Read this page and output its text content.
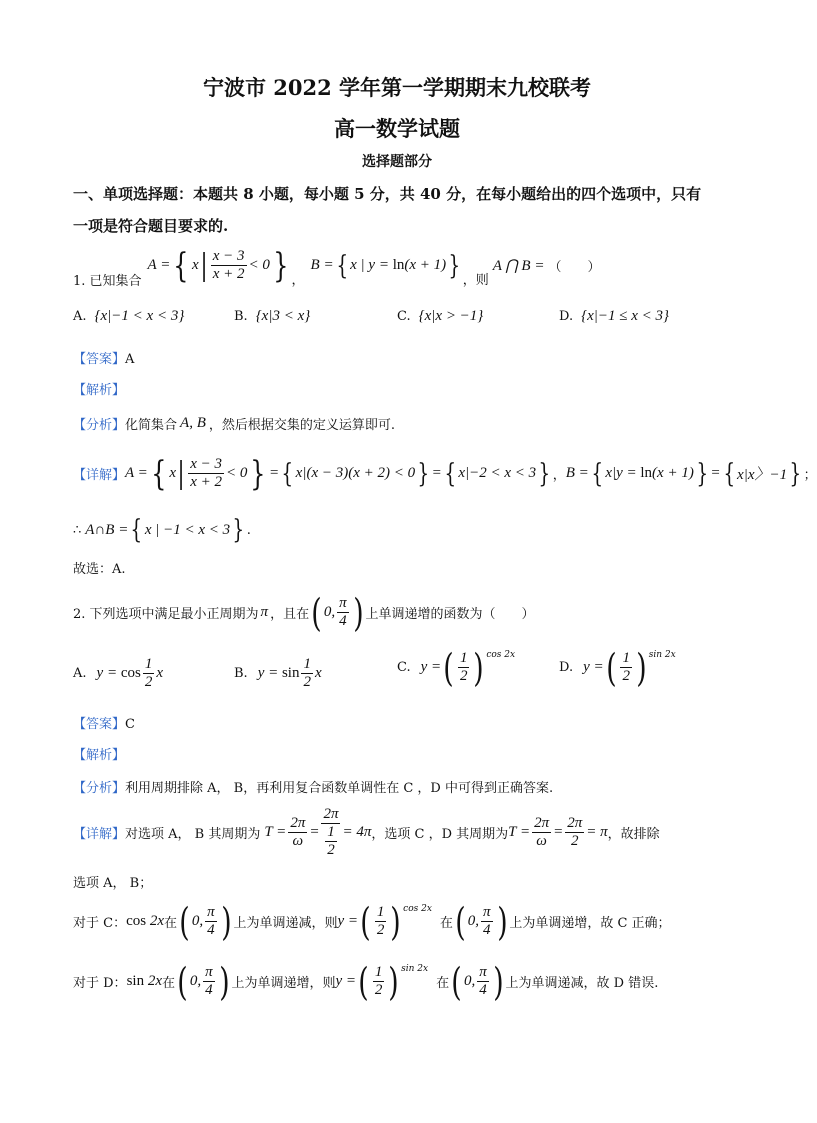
宁波市 2022 学年第一学期期末九校联考
高一数学试题
选择题部分
一、单项选择题：本题共 8 小题，每小题 5 分，共 40 分，在每小题给出的四个选项中，只有
一项是符合题目要求的.
1. 已知集合
A = { x | $\frac{x - 3}{x + 2} < 0$ } ，
B = { x | y = ln(x + 1) } ，则
A ⋂ B = （　　）
A. {x|−1 < x < 3}	B. {x|3 < x}	C. {x|x > −1}	D. {x|−1 ≤ x < 3}
【答案】A
【解析】
【分析】 化简集合 A, B ，然后根据交集的定义运算即可.
【详解】 A = { x | $\frac{x - 3}{x + 2} < 0$ } = { x|(x − 3)(x + 2) < 0 } = { x|−2 < x < 3 } ， B = { x|y = ln(x + 1) } = { x|x〉−1 } ；
∴ A∩B = { x | −1 < x < 3 } .
故选：A.
2. 下列选项中满足最小正周期为 π ，且在 ( 0, $\frac{\pi}{4}$ ) 上单调递增的函数为（　　）
A. $y = \cos \frac{1}{2}$ x	B. $y = \sin \frac{1}{2}$ x	C. y = ( $\frac{1}{2} )^{cos 2x}$
D. y = ( $\frac{1}{2} )^{sin 2x}$
【答案】C
【解析】
【分析】 利用周期排除 A， B，再利用复合函数单调性在 C ，D 中可得到正确答案.
【详解】 对选项 A， B 其周期为 $T = \frac{2\pi}{\omega} = \frac{2\pi}{\frac{1}{2}} = 4\pi$ ，选项 C ，D 其周期为 $T = \frac{2\pi}{\omega} = \frac{2\pi}{2} = \pi$ ，故排除
选项 A， B；
对于 C： cos 2x 在 ( 0, $\frac{\pi}{4}$ ) 上为单调递减，则 y = ( $\frac{1}{2} )^{cos 2x}$
在 ( 0, $\frac{\pi}{4}$ ) 上为单调递增，故 C 正确；
对于 D： sin 2x 在 ( 0, $\frac{\pi}{4}$ ) 上为单调递增，则 y = ( $\frac{1}{2} )^{sin 2x}$
在 ( 0, $\frac{\pi}{4}$ ) 上为单调递减，故 D 错误.
